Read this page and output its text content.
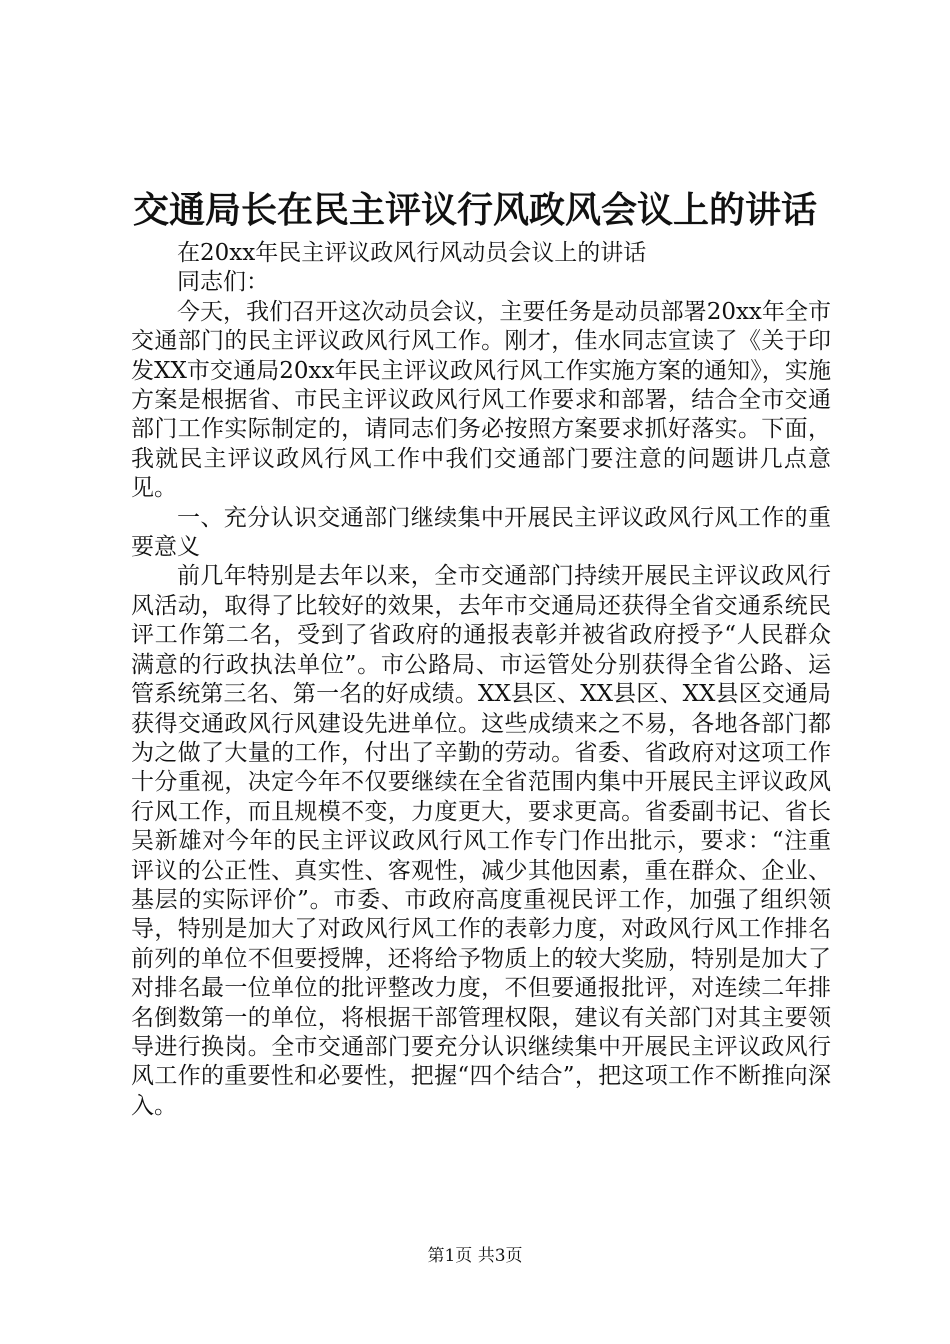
交通局长在民主评议行风政风会议上的讲话

在20xx年民主评议政风行风动员会议上的讲话

同志们：

今天，我们召开这次动员会议，主要任务是动员部署20xx年全市交通部门的民主评议政风行风工作。刚才，佳水同志宣读了《关于印发XX市交通局20xx年民主评议政风行风工作实施方案的通知》，实施方案是根据省、市民主评议政风行风工作要求和部署，结合全市交通部门工作实际制定的，请同志们务必按照方案要求抓好落实。下面，我就民主评议政风行风工作中我们交通部门要注意的问题讲几点意见。

一、充分认识交通部门继续集中开展民主评议政风行风工作的重要意义

前几年特别是去年以来，全市交通部门持续开展民主评议政风行风活动，取得了比较好的效果，去年市交通局还获得全省交通系统民评工作第二名，受到了省政府的通报表彰并被省政府授予“人民群众满意的行政执法单位”。市公路局、市运管处分别获得全省公路、运管系统第三名、第一名的好成绩。XX县区、XX县区、XX县区交通局获得交通政风行风建设先进单位。这些成绩来之不易，各地各部门都为之做了大量的工作，付出了辛勤的劳动。省委、省政府对这项工作十分重视，决定今年不仅要继续在全省范围内集中开展民主评议政风行风工作，而且规模不变，力度更大，要求更高。省委副书记、省长吴新雄对今年的民主评议政风行风工作专门作出批示，要求：“注重评议的公正性、真实性、客观性，减少其他因素，重在群众、企业、基层的实际评价”。市委、市政府高度重视民评工作，加强了组织领导，特别是加大了对政风行风工作的表彰力度，对政风行风工作排名前列的单位不但要授牌，还将给予物质上的较大奖励，特别是加大了对排名最一位单位的批评整改力度，不但要通报批评，对连续二年排名倒数第一的单位，将根据干部管理权限，建议有关部门对其主要领导进行换岗。全市交通部门要充分认识继续集中开展民主评议政风行风工作的重要性和必要性，把握“四个结合”，把这项工作不断推向深入。

第1页 共3页
